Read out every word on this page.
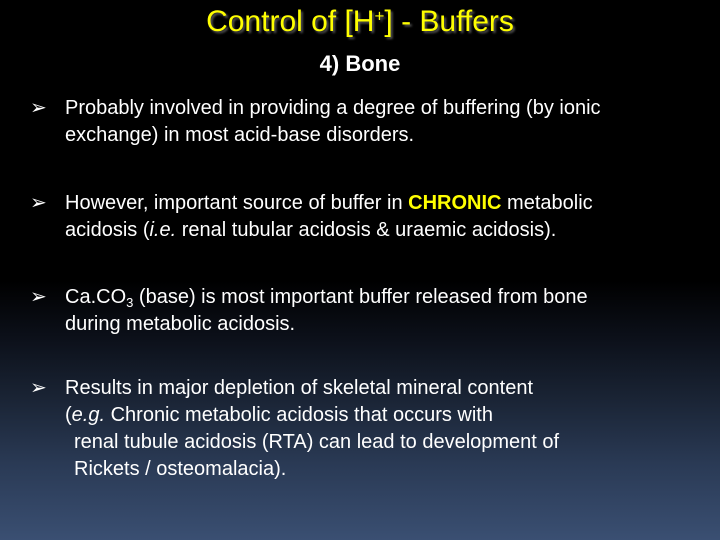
Control of [H+] - Buffers
4) Bone
➢ Probably involved in providing a degree of buffering (by ionic
exchange) in most acid-base disorders.
➢ However, important source of buffer in CHRONIC metabolic
acidosis (i.e. renal tubular acidosis & uraemic acidosis).
➢ $Ca.CO_3$ (base) is most important buffer released from bone
during metabolic acidosis.
➢ Results in major depletion of skeletal mineral content
(e.g. Chronic metabolic acidosis that occurs with
renal tubule acidosis (RTA) can lead to development of
Rickets / osteomalacia).
